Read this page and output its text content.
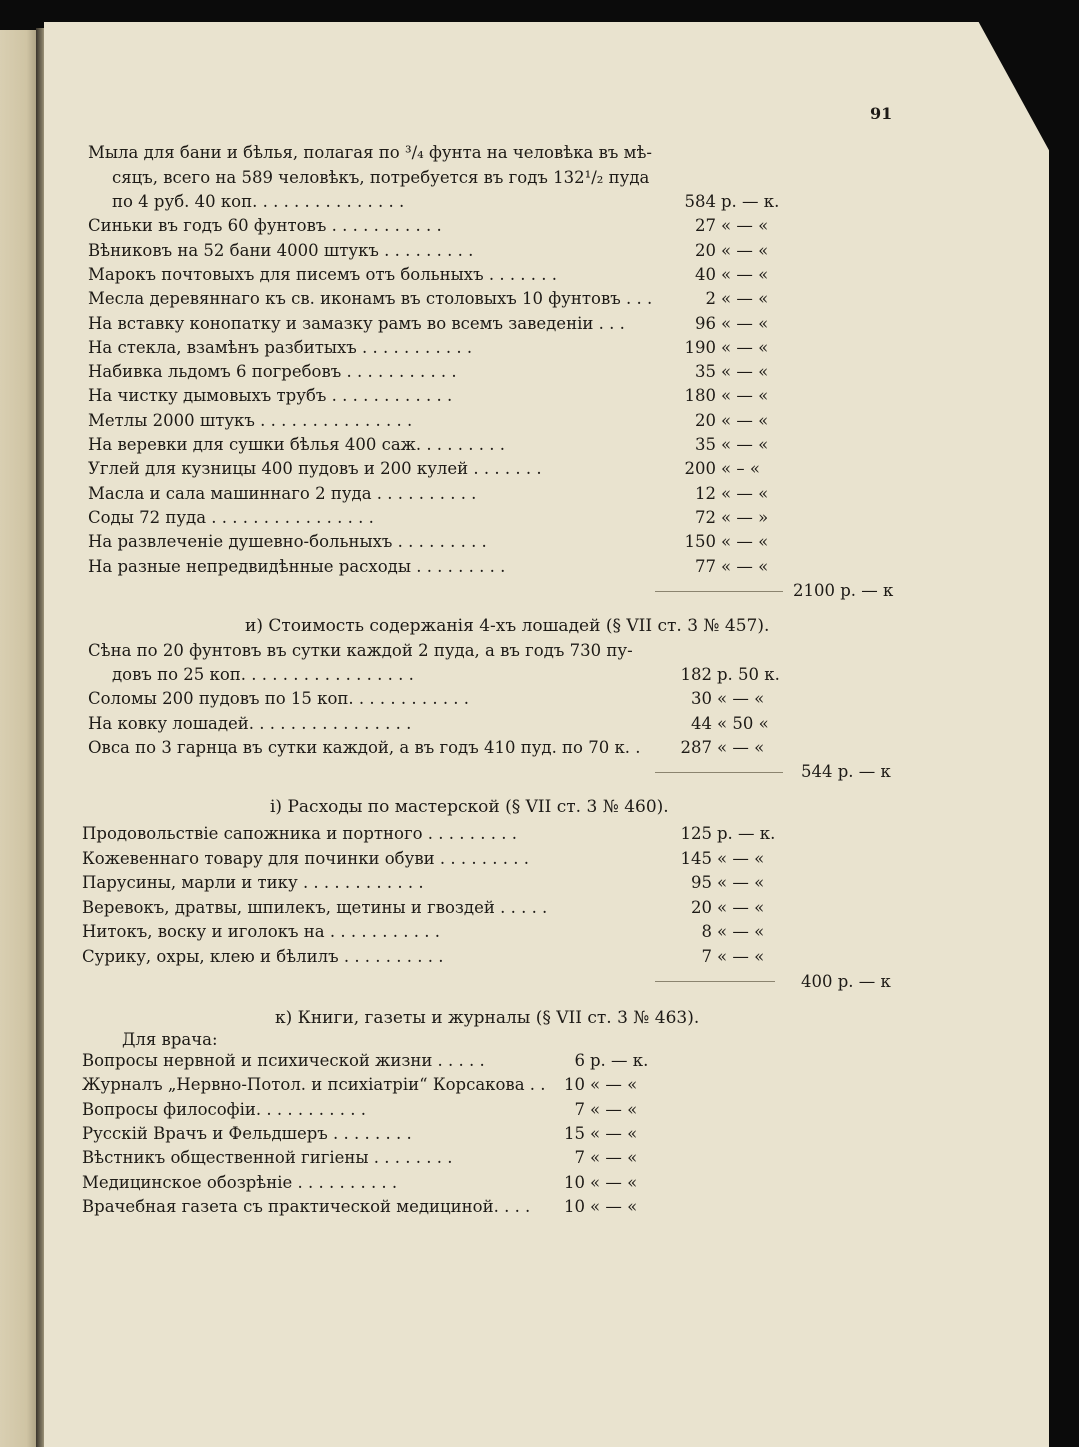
91
Мыла для бани и бѣлья, полагая по ³/₄ фунта на человѣка въ мѣ-
сяцъ, всего на 589 человѣкъ, потребуется въ годъ 132¹/₂ пуда
по 4 руб. 40 коп. . . . . . . . . . . . . . .	584 р. — к.
Синьки въ годъ 60 фунтовъ . . . . . . . . . . .	27 « — «
Вѣниковъ на 52 бани 4000 штукъ . . . . . . . . .	20 « — «
Марокъ почтовыхъ для писемъ отъ больныхъ . . . . . . .	40 « — «
Месла деревяннаго къ св. иконамъ въ столовыхъ 10 фунтовъ . . .	2 « — «
На вставку конопатку и замазку рамъ во всемъ заведеніи . . .	96 « — «
На стекла, взамѣнъ разбитыхъ . . . . . . . . . . .	190 « — «
Набивка льдомъ 6 погребовъ . . . . . . . . . . .	35 « — «
На чистку дымовыхъ трубъ . . . . . . . . . . . .	180 « — «
Метлы 2000 штукъ . . . . . . . . . . . . . . .	20 « — «
На веревки для сушки бѣлья 400 саж. . . . . . . . .	35 « — «
Углей для кузницы 400 пудовъ и 200 кулей . . . . . . .	200 « – «
Масла и сала машиннаго 2 пуда . . . . . . . . . .	12 « — «
Соды 72 пуда . . . . . . . . . . . . . . . .	72 « — »
На развлеченіе душевно-больныхъ . . . . . . . . .	150 « — «
На разные непредвидѣнные расходы . . . . . . . . .	77 « — «
2100 р. — к
и) Стоимость содержанія 4-хъ лошадей (§ VII ст. 3 № 457).
Сѣна по 20 фунтовъ въ сутки каждой 2 пуда, а въ годъ 730 пу-
довъ по 25 коп. . . . . . . . . . . . . . . . .	182 р. 50 к.
Соломы 200 пудовъ по 15 коп. . . . . . . . . . . .	30 « — «
На ковку лошадей. . . . . . . . . . . . . . . .	44 « 50 «
Овса по 3 гарнца въ сутки каждой, а въ годъ 410 пуд. по 70 к. . 287 « — «
544 р. — к
і) Расходы по мастерской (§ VII ст. 3 № 460).
Продовольствіе сапожника и портного . . . . . . . . .	125 р. — к.
Кожевеннаго товару для починки обуви . . . . . . . . .	145 « — «
Парусины, марли и тику . . . . . . . . . . . .	95 « — «
Веревокъ, дратвы, шпилекъ, щетины и гвоздей . . . . .	20 « — «
Нитокъ, воску и иголокъ на . . . . . . . . . . .	8 « — «
Сурику, охры, клею и бѣлилъ . . . . . . . . . .	7 « — «
400 р. — к
к) Книги, газеты и журналы (§ VII ст. 3 № 463).
Для врача:
Вопросы нервной и психической жизни . . . . .	6 р. — к.
Журналъ „Нервно-Потол. и психіатріи“ Корсакова . . 10 « — «
Вопросы философіи. . . . . . . . . . .	7 « — «
Русскій Врачъ и Фельдшеръ . . . . . . . .	15 « — «
Вѣстникъ общественной гигіены . . . . . . . .	7 « — «
Медицинское обозрѣніе . . . . . . . . . .	10 « — «
Врачебная газета съ практической медициной. . . . 10 « — «
